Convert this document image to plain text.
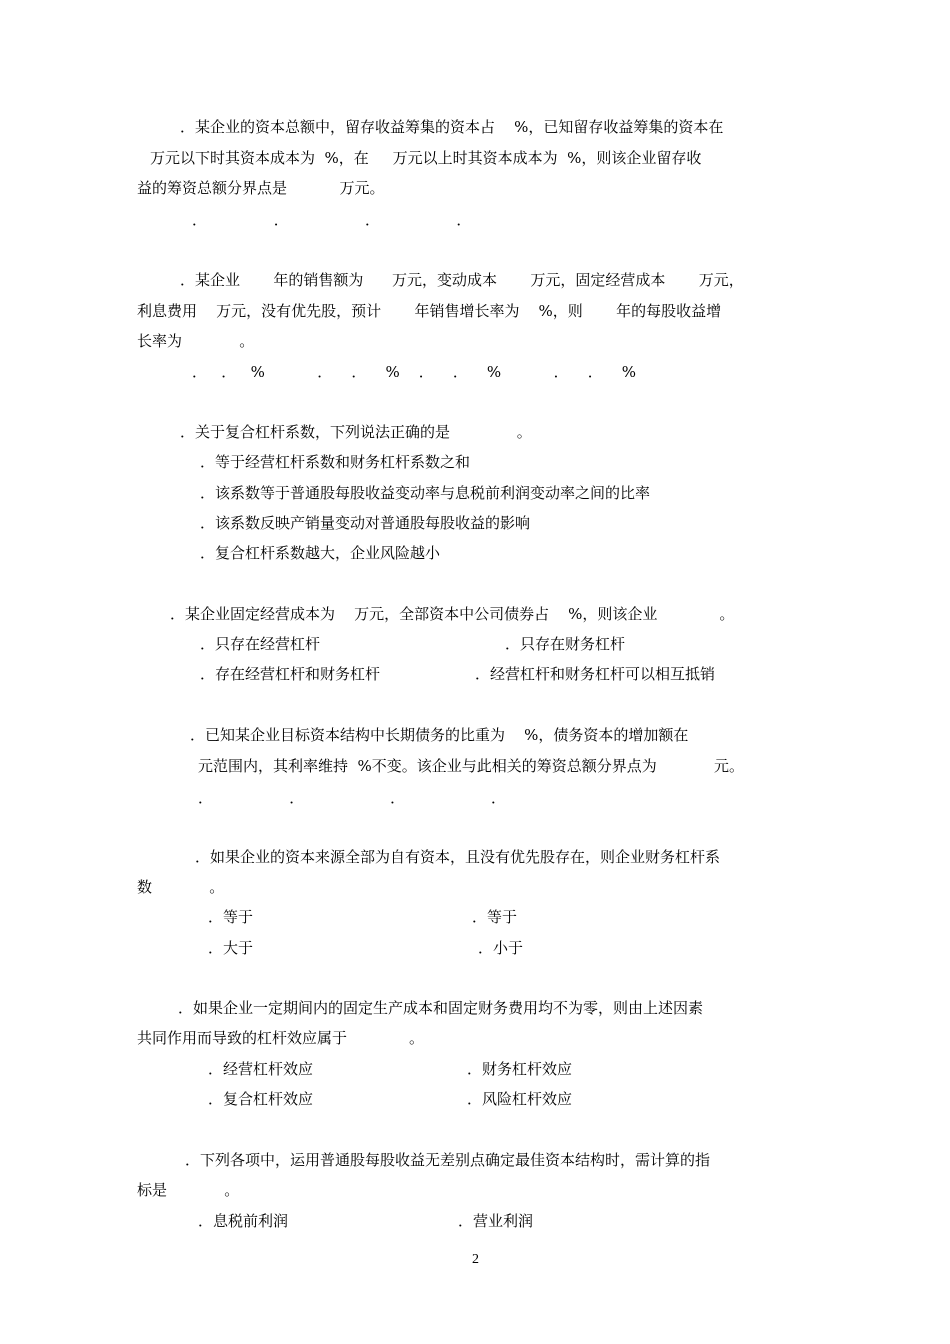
．某企业的资本总额中，留存收益筹集的资本占    %，已知留存收益筹集的资本在
万元以下时其资本成本为  %，在     万元以上时其资本成本为  %，则该企业留存收
益的筹资总额分界点是           万元。
．              ．                ．                ．
．某企业       年的销售额为      万元，变动成本       万元，固定经营成本       万元，
利息费用    万元，没有优先股，预计       年销售增长率为    %，则       年的每股收益增
长率为            。
．   ．   %           ．    ．    %    ．    ．    %           ．    ．    %
．关于复合杠杆系数，下列说法正确的是              。
．等于经营杠杆系数和财务杠杆系数之和
．该系数等于普通股每股收益变动率与息税前利润变动率之间的比率
．该系数反映产销量变动对普通股每股收益的影响
．复合杠杆系数越大，企业风险越小
．某企业固定经营成本为    万元，全部资本中公司债券占    %，则该企业             。
．只存在经营杠杆	．只存在财务杠杆
．存在经营杠杆和财务杠杆	．经营杠杆和财务杠杆可以相互抵销
．已知某企业目标资本结构中长期债务的比重为    %，债务资本的增加额在
元范围内，其利率维持  %不变。该企业与此相关的筹资总额分界点为            元。
．                ．                  ．                  ．
．如果企业的资本来源全部为自有资本，且没有优先股存在，则企业财务杠杆系
数            。
．等于	．等于
．大于	．小于
．如果企业一定期间内的固定生产成本和固定财务费用均不为零，则由上述因素
共同作用而导致的杠杆效应属于             。
．经营杠杆效应	．财务杠杆效应
．复合杠杆效应	．风险杠杆效应
．下列各项中，运用普通股每股收益无差别点确定最佳资本结构时，需计算的指
标是            。
．息税前利润	．营业利润
2
